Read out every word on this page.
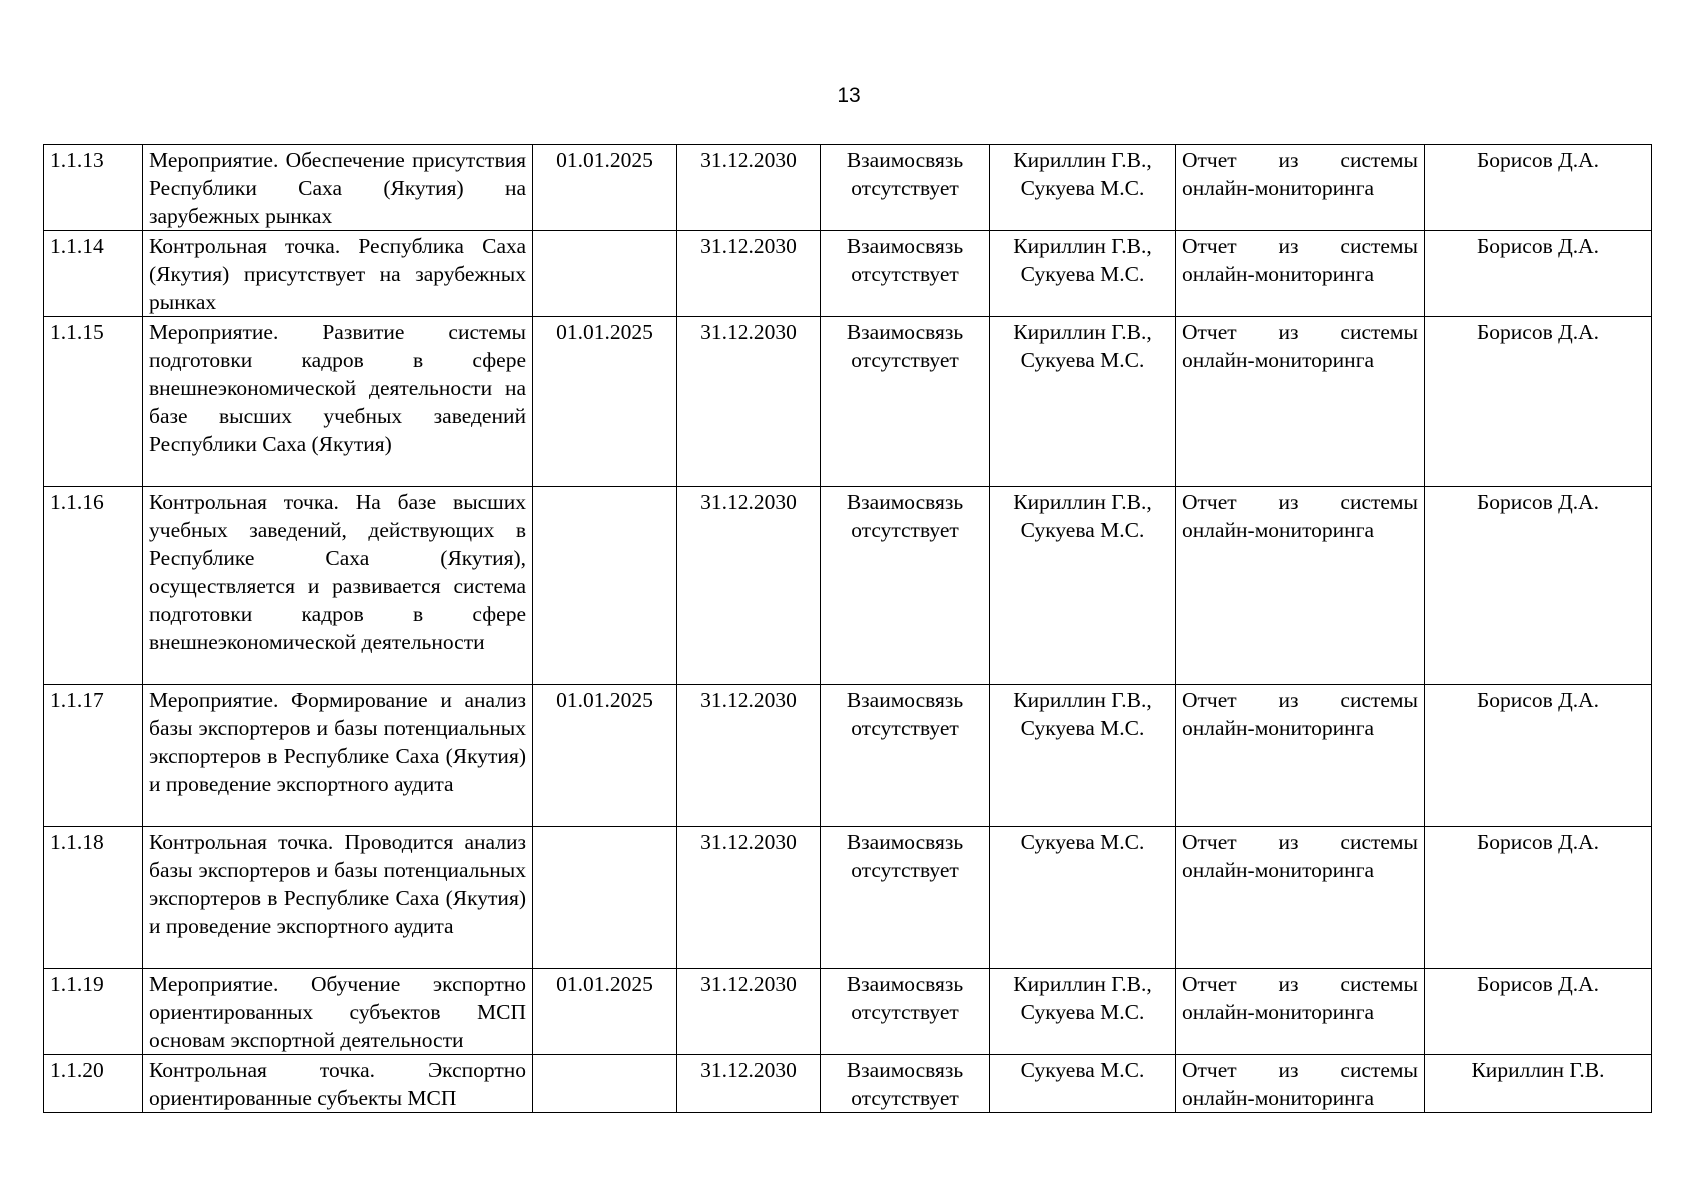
13
1.1.13	Мероприятие. Обеспечение присутствия Республики Саха (Якутия) на зарубежных рынках	01.01.2025	31.12.2030	Взаимосвязь отсутствует	Кириллин Г.В., Сукуева М.С.	Отчет из системы онлайн-мониторинга	Борисов Д.А.
1.1.14	Контрольная точка. Республика Саха (Якутия) присутствует на зарубежных рынках		31.12.2030	Взаимосвязь отсутствует	Кириллин Г.В., Сукуева М.С.	Отчет из системы онлайн-мониторинга	Борисов Д.А.
1.1.15	Мероприятие. Развитие системы подготовки кадров в сфере внешнеэкономической деятельности на базе высших учебных заведений Республики Саха (Якутия)	01.01.2025	31.12.2030	Взаимосвязь отсутствует	Кириллин Г.В., Сукуева М.С.	Отчет из системы онлайн-мониторинга	Борисов Д.А.
1.1.16	Контрольная точка. На базе высших учебных заведений, действующих в Республике Саха (Якутия), осуществляется и развивается система подготовки кадров в сфере внешнеэкономической деятельности		31.12.2030	Взаимосвязь отсутствует	Кириллин Г.В., Сукуева М.С.	Отчет из системы онлайн-мониторинга	Борисов Д.А.
1.1.17	Мероприятие. Формирование и анализ базы экспортеров и базы потенциальных экспортеров в Республике Саха (Якутия) и проведение экспортного аудита	01.01.2025	31.12.2030	Взаимосвязь отсутствует	Кириллин Г.В., Сукуева М.С.	Отчет из системы онлайн-мониторинга	Борисов Д.А.
1.1.18	Контрольная точка. Проводится анализ базы экспортеров и базы потенциальных экспортеров в Республике Саха (Якутия) и проведение экспортного аудита		31.12.2030	Взаимосвязь отсутствует	Сукуева М.С.	Отчет из системы онлайн-мониторинга	Борисов Д.А.
1.1.19	Мероприятие. Обучение экспортно ориентированных субъектов МСП основам экспортной деятельности	01.01.2025	31.12.2030	Взаимосвязь отсутствует	Кириллин Г.В., Сукуева М.С.	Отчет из системы онлайн-мониторинга	Борисов Д.А.
1.1.20	Контрольная точка. Экспортно ориентированные субъекты МСП		31.12.2030	Взаимосвязь отсутствует	Сукуева М.С.	Отчет из системы онлайн-мониторинга	Кириллин Г.В.
